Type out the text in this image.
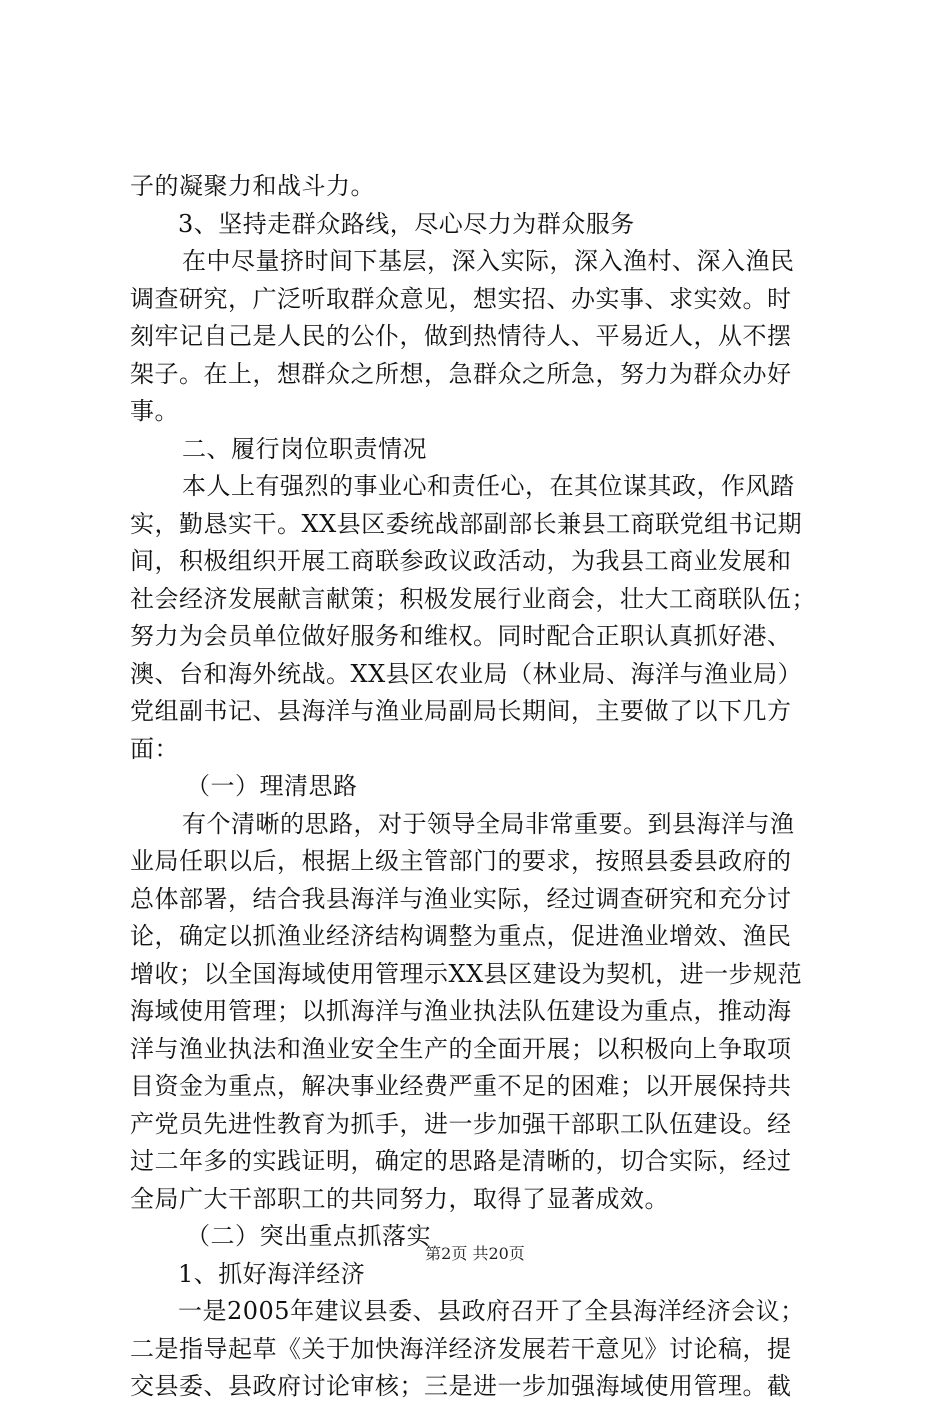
子的凝聚力和战斗力。
3、坚持走群众路线，尽心尽力为群众服务
在中尽量挤时间下基层，深入实际，深入渔村、深入渔民
调查研究，广泛听取群众意见，想实招、办实事、求实效。时
刻牢记自己是人民的公仆，做到热情待人、平易近人，从不摆
架子。在上，想群众之所想，急群众之所急，努力为群众办好
事。
二、履行岗位职责情况
本人上有强烈的事业心和责任心，在其位谋其政，作风踏
实，勤恳实干。XX县区委统战部副部长兼县工商联党组书记期
间，积极组织开展工商联参政议政活动，为我县工商业发展和
社会经济发展献言献策；积极发展行业商会，壮大工商联队伍；
努力为会员单位做好服务和维权。同时配合正职认真抓好港、
澳、台和海外统战。XX县区农业局（林业局、海洋与渔业局）
党组副书记、县海洋与渔业局副局长期间，主要做了以下几方
面：
（一）理清思路
有个清晰的思路，对于领导全局非常重要。到县海洋与渔
业局任职以后，根据上级主管部门的要求，按照县委县政府的
总体部署，结合我县海洋与渔业实际，经过调查研究和充分讨
论，确定以抓渔业经济结构调整为重点，促进渔业增效、渔民
增收；以全国海域使用管理示XX县区建设为契机，进一步规范
海域使用管理；以抓海洋与渔业执法队伍建设为重点，推动海
洋与渔业执法和渔业安全生产的全面开展；以积极向上争取项
目资金为重点，解决事业经费严重不足的困难；以开展保持共
产党员先进性教育为抓手，进一步加强干部职工队伍建设。经
过二年多的实践证明，确定的思路是清晰的，切合实际，经过
全局广大干部职工的共同努力，取得了显著成效。
（二）突出重点抓落实
1、抓好海洋经济
一是2005年建议县委、县政府召开了全县海洋经济会议；
二是指导起草《关于加快海洋经济发展若干意见》讨论稿，提
交县委、县政府讨论审核；三是进一步加强海域使用管理。截
第2页 共20页
